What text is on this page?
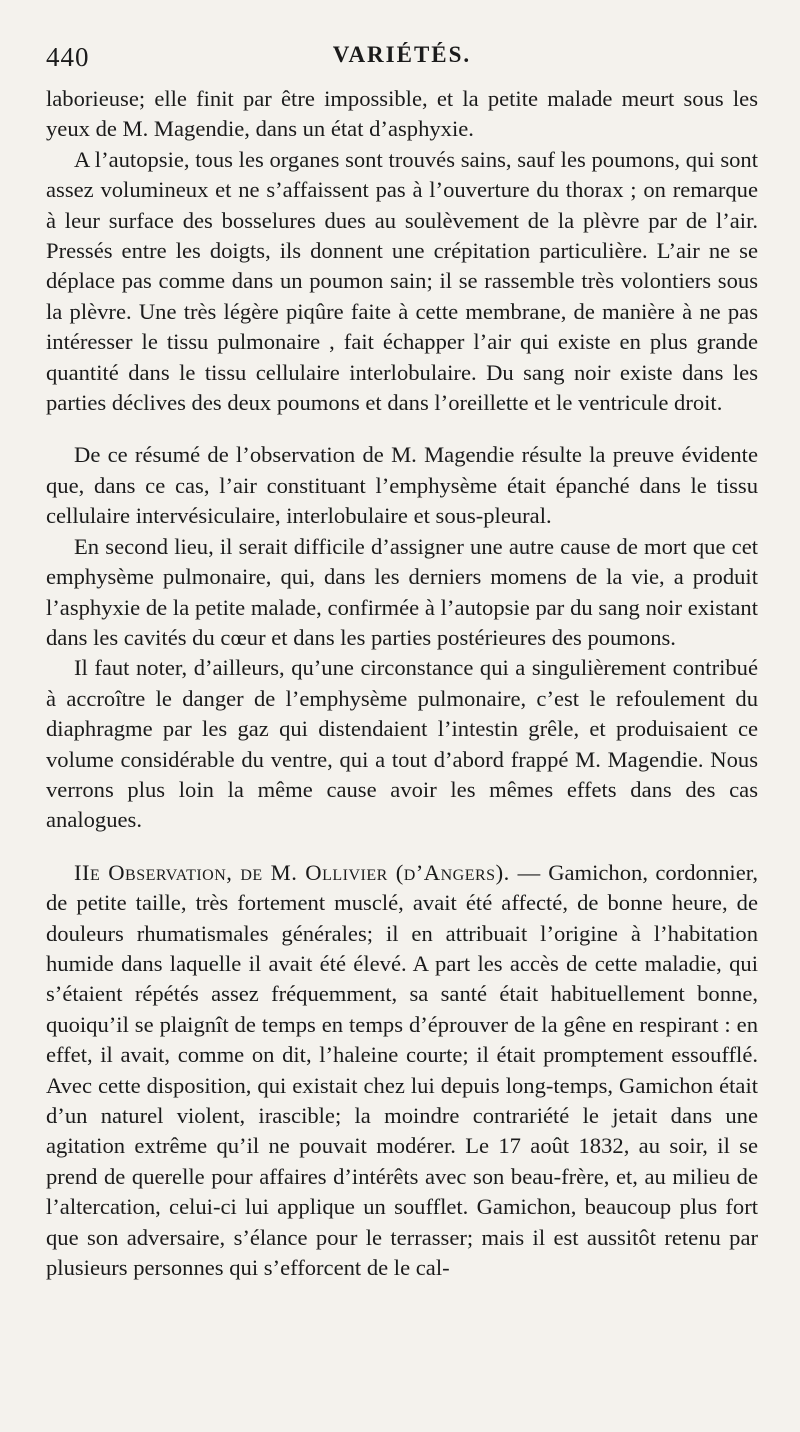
440	VARIÉTÉS.

laborieuse; elle finit par être impossible, et la petite malade meurt sous les yeux de M. Magendie, dans un état d’asphyxie.

A l’autopsie, tous les organes sont trouvés sains, sauf les poumons, qui sont assez volumineux et ne s’affaissent pas à l’ouverture du thorax ; on remarque à leur surface des bosselures dues au soulèvement de la plèvre par de l’air. Pressés entre les doigts, ils donnent une crépitation particulière. L’air ne se déplace pas comme dans un poumon sain; il se rassemble très volontiers sous la plèvre. Une très légère piqûre faite à cette membrane, de manière à ne pas intéresser le tissu pulmonaire , fait échapper l’air qui existe en plus grande quantité dans le tissu cellulaire interlobulaire. Du sang noir existe dans les parties déclives des deux poumons et dans l’oreillette et le ventricule droit.

De ce résumé de l’observation de M. Magendie résulte la preuve évidente que, dans ce cas, l’air constituant l’emphysème était épanché dans le tissu cellulaire intervésiculaire, interlobulaire et sous-pleural.

En second lieu, il serait difficile d’assigner une autre cause de mort que cet emphysème pulmonaire, qui, dans les derniers momens de la vie, a produit l’asphyxie de la petite malade, confirmée à l’autopsie par du sang noir existant dans les cavités du cœur et dans les parties postérieures des poumons.

Il faut noter, d’ailleurs, qu’une circonstance qui a singulièrement contribué à accroître le danger de l’emphysème pulmonaire, c’est le refoulement du diaphragme par les gaz qui distendaient l’intestin grêle, et produisaient ce volume considérable du ventre, qui a tout d’abord frappé M. Magendie. Nous verrons plus loin la même cause avoir les mêmes effets dans des cas analogues.

IIe Observation, de M. Ollivier (d’Angers). — Gamichon, cordonnier, de petite taille, très fortement musclé, avait été affecté, de bonne heure, de douleurs rhumatismales générales; il en attribuait l’origine à l’habitation humide dans laquelle il avait été élevé. A part les accès de cette maladie, qui s’étaient répétés assez fréquemment, sa santé était habituellement bonne, quoiqu’il se plaignît de temps en temps d’éprouver de la gêne en respirant : en effet, il avait, comme on dit, l’haleine courte; il était promptement essoufflé. Avec cette disposition, qui existait chez lui depuis long-temps, Gamichon était d’un naturel violent, irascible; la moindre contrariété le jetait dans une agitation extrême qu’il ne pouvait modérer. Le 17 août 1832, au soir, il se prend de querelle pour affaires d’intérêts avec son beau-frère, et, au milieu de l’altercation, celui-ci lui applique un soufflet. Gamichon, beaucoup plus fort que son adversaire, s’élance pour le terrasser; mais il est aussitôt retenu par plusieurs personnes qui s’efforcent de le cal-
